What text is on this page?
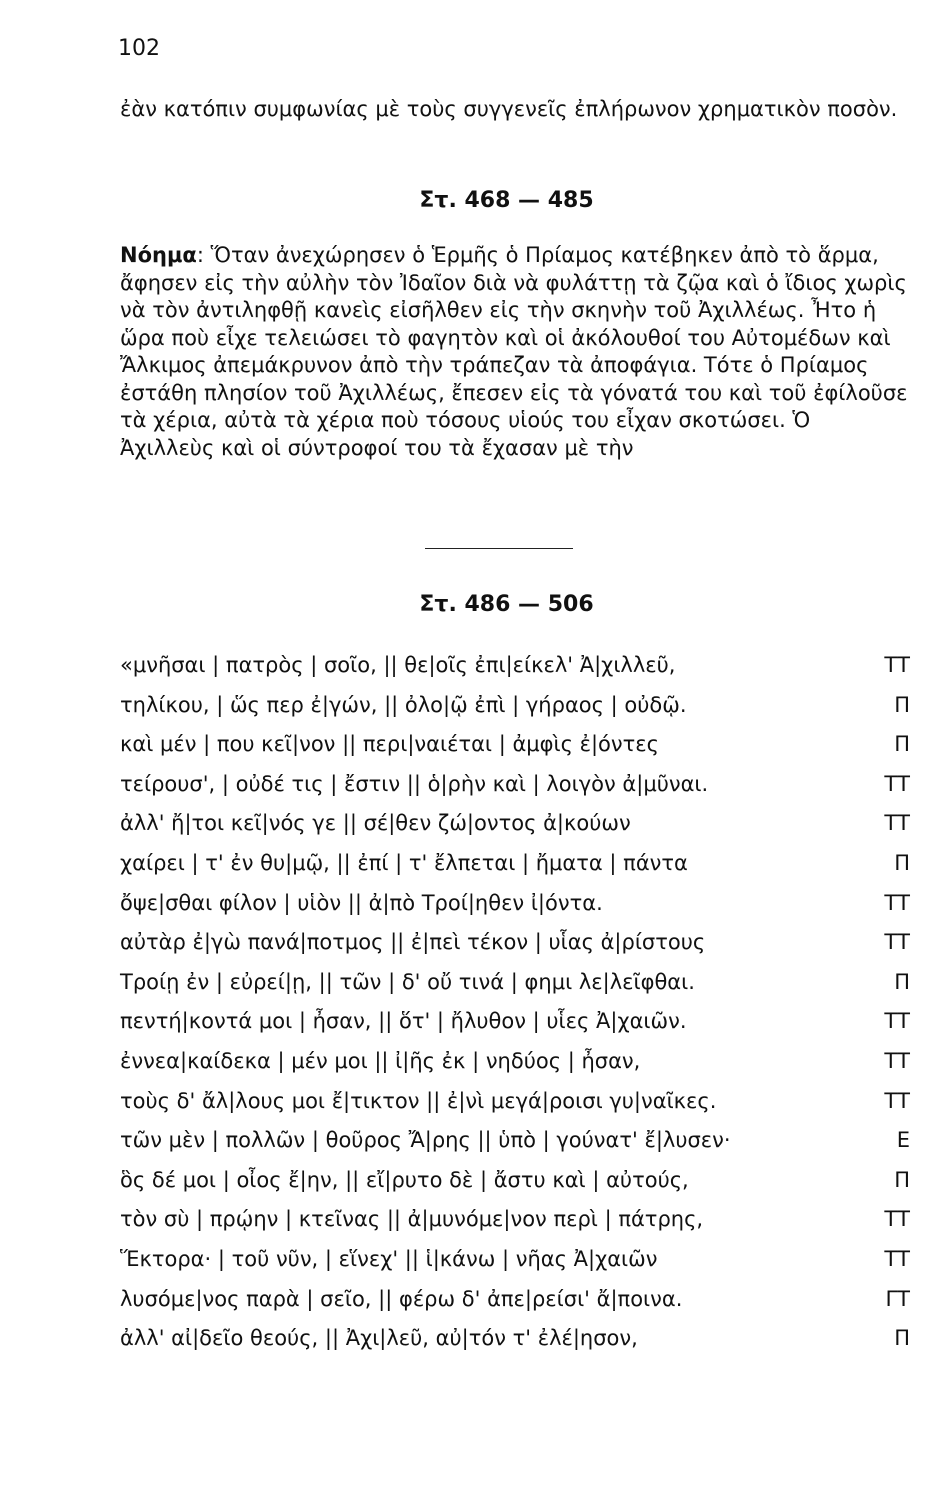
102
ἐὰν κατόπιν συμφωνίας μὲ τοὺς συγγενεῖς ἐπλήρωνον χρηματικὸν ποσὸν.
Στ. 468 — 485
Νόημα: Ὅταν ἀνεχώρησεν ὁ Ἑρμῆς ὁ Πρίαμος κατέβηκεν ἀπὸ τὸ ἅρμα, ἄφησεν εἰς τὴν αὐλὴν τὸν Ἰδαῖον διὰ νὰ φυλάττῃ τὰ ζῷα καὶ ὁ ἴδιος χωρὶς νὰ τὸν ἀντιληφθῇ κανεὶς εἰσῆλθεν εἰς τὴν σκηνὴν τοῦ Ἀχιλλέως. Ἦτο ἡ ὥρα ποὺ εἶχε τελειώσει τὸ φαγητὸν καὶ οἱ ἀκόλουθοί του Αὐτομέδων καὶ Ἄλκιμος ἀπεμάκρυνον ἀπὸ τὴν τράπεζαν τὰ ἀποφάγια. Τότε ὁ Πρίαμος ἐστάθη πλησίον τοῦ Ἀχιλλέως, ἔπεσεν εἰς τὰ γόνατά του καὶ τοῦ ἐφίλοῦσε τὰ χέρια, αὐτὰ τὰ χέρια ποὺ τόσους υἱούς του εἶχαν σκοτώσει. Ὁ Ἀχιλλεὺς καὶ οἱ σύντροφοί του τὰ ἔχασαν μὲ τὴν
Στ. 486 — 506
«μνῆσαι | πατρὸς | σοῖο, || θε|οῖς ἐπι|είκελ' Ἀ|χιλλεῦ,	ΤΤ
τηλίκου, | ὥς περ ἐ|γών, || ὀλο|ῷ ἐπὶ | γήραος | οὐδῷ.	Π
καὶ μέν | που κεῖ|νον || περι|ναιέται | ἀμφὶς ἐ|όντες	Π
τείρουσ', | οὐδέ τις | ἔστιν || ὁ|ρὴν καὶ | λοιγὸν ἀ|μῦναι.	ΤΤ
ἀλλ' ἤ|τοι κεῖ|νός γε || σέ|θεν ζώ|οντος ἀ|κούων	ΤΤ
χαίρει | τ' ἐν θυ|μῷ, || ἐπί | τ' ἔλπεται | ἤματα | πάντα	Π
ὄψε|σθαι φίλον | υἱὸν || ἀ|πὸ Τροί|ηθεν ἰ|όντα.	ΤΤ
αὐτὰρ ἐ|γὼ πανά|ποτμος || ἐ|πεὶ τέκον | υἷας ἀ|ρίστους	ΤΤ
Τροίῃ ἐν | εὐρεί|ῃ, || τῶν | δ' οὔ τινά | φημι λε|λεῖφθαι.	Π
πεντή|κοντά μοι | ἦσαν, || ὅτ' | ἤλυθον | υἷες Ἀ|χαιῶν.	ΤΤ
ἐννεα|καίδεκα | μέν μοι || ἰ|ῆς ἐκ | νηδύος | ἦσαν,	ΤΤ
τοὺς δ' ἄλ|λους μοι ἔ|τικτον || ἐ|νὶ μεγά|ροισι γυ|ναῖκες.	ΤΤ
τῶν μὲν | πολλῶν | θοῦρος Ἄ|ρης || ὑπὸ | γούνατ' ἔ|λυσεν·	Ε
ὃς δέ μοι | οἶος ἔ|ην, || εἴ|ρυτο δὲ | ἄστυ καὶ | αὐτούς,	Π
τὸν σὺ | πρῴην | κτεῖνας || ἀ|μυνόμε|νον περὶ | πάτρης,	ΤΤ
Ἕκτορα· | τοῦ νῦν, | εἵνεχ' || ἱ|κάνω | νῆας Ἀ|χαιῶν	ΤΤ
λυσόμε|νος παρὰ | σεῖο, || φέρω δ' ἀπε|ρείσι' ἄ|ποινα.	ΓΤ
ἀλλ' αἰ|δεῖο θεούς, || Ἀχι|λεῦ, αὐ|τόν τ' ἐλέ|ησον,	Π
